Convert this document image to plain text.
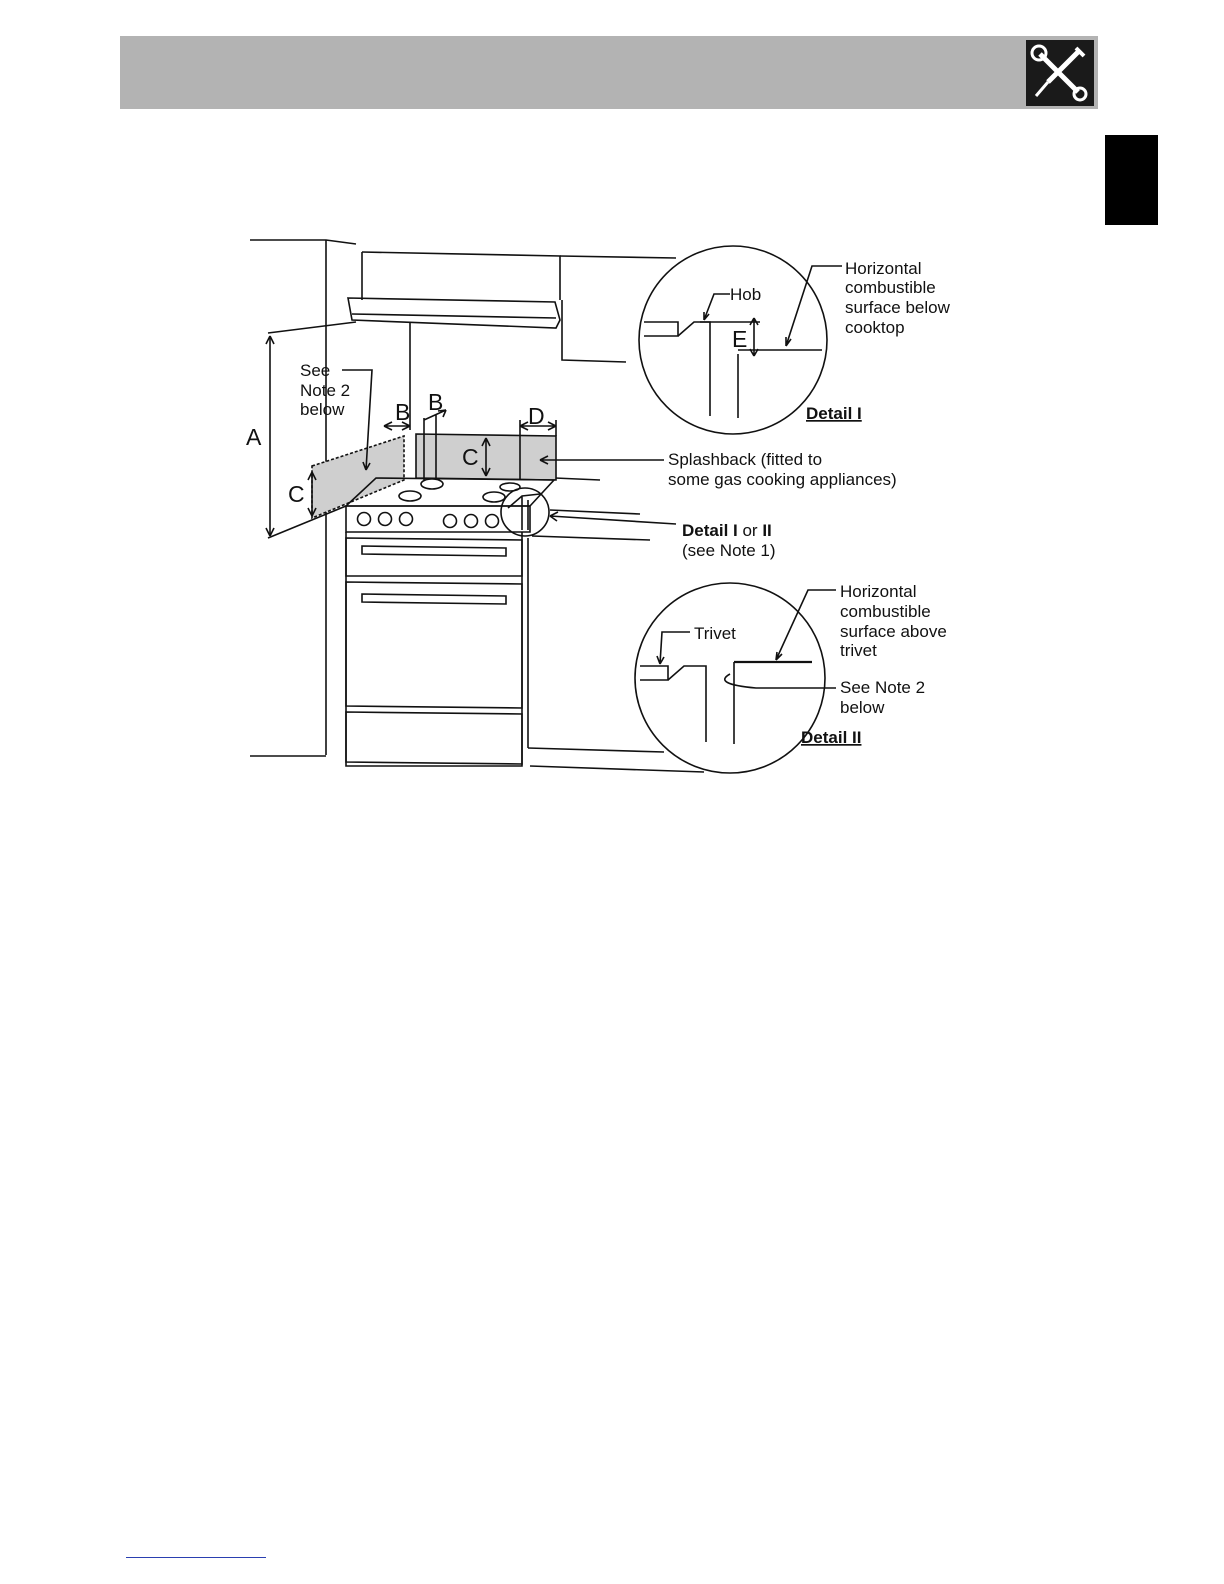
A
B B
C
C
D
E
See
Note 2
below
Splashback (fitted to
some gas cooking appliances)
Detail I or II
(see Note 1)
Hob
Horizontal
combustible
surface below
cooktop
Detail I
Trivet
Horizontal
combustible
surface above
trivet
See Note 2
below
Detail II
